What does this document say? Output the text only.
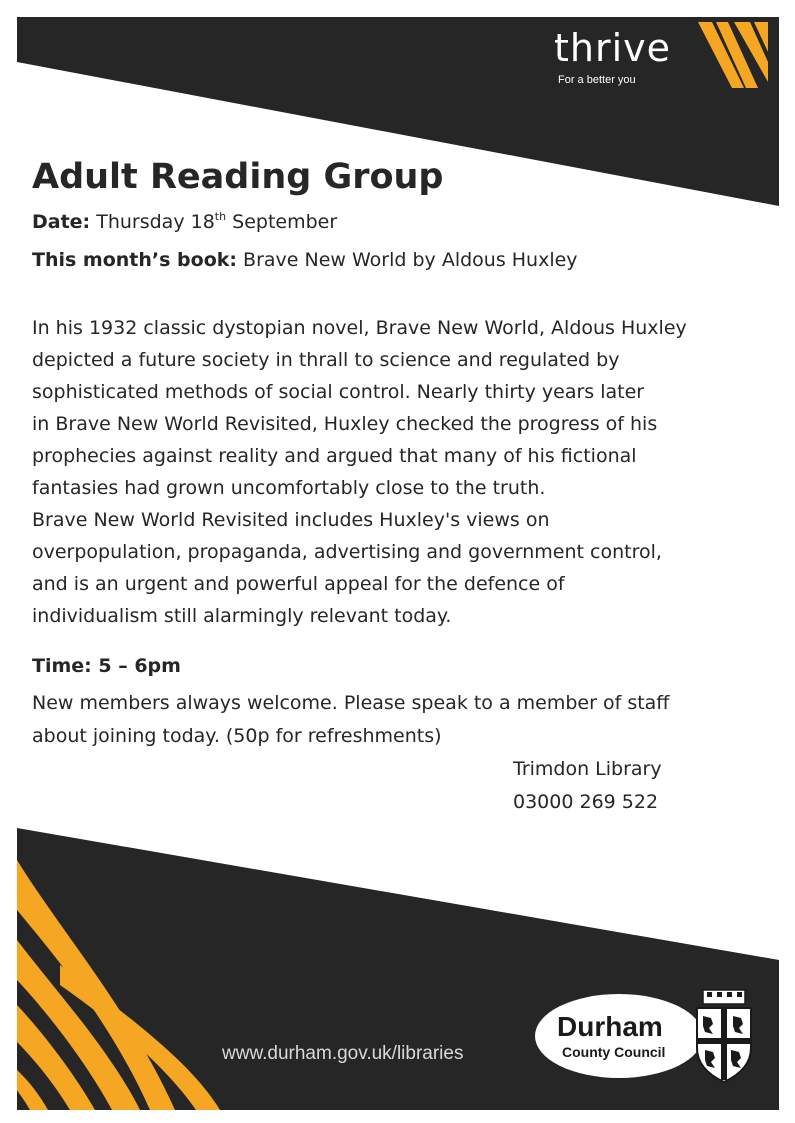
thrive
For a better you
Adult Reading Group
Date: Thursday 18th September
This month’s book: Brave New World by Aldous Huxley

In his 1932 classic dystopian novel, Brave New World, Aldous Huxley
depicted a future society in thrall to science and regulated by
sophisticated methods of social control. Nearly thirty years later
in Brave New World Revisited, Huxley checked the progress of his
prophecies against reality and argued that many of his fictional
fantasies had grown uncomfortably close to the truth.
Brave New World Revisited includes Huxley's views on
overpopulation, propaganda, advertising and government control,
and is an urgent and powerful appeal for the defence of
individualism still alarmingly relevant today.

Time: 5 – 6pm

New members always welcome. Please speak to a member of staff
about joining today. (50p for refreshments)

Trimdon Library
03000 269 522
www.durham.gov.uk/libraries
Durham
County Council
